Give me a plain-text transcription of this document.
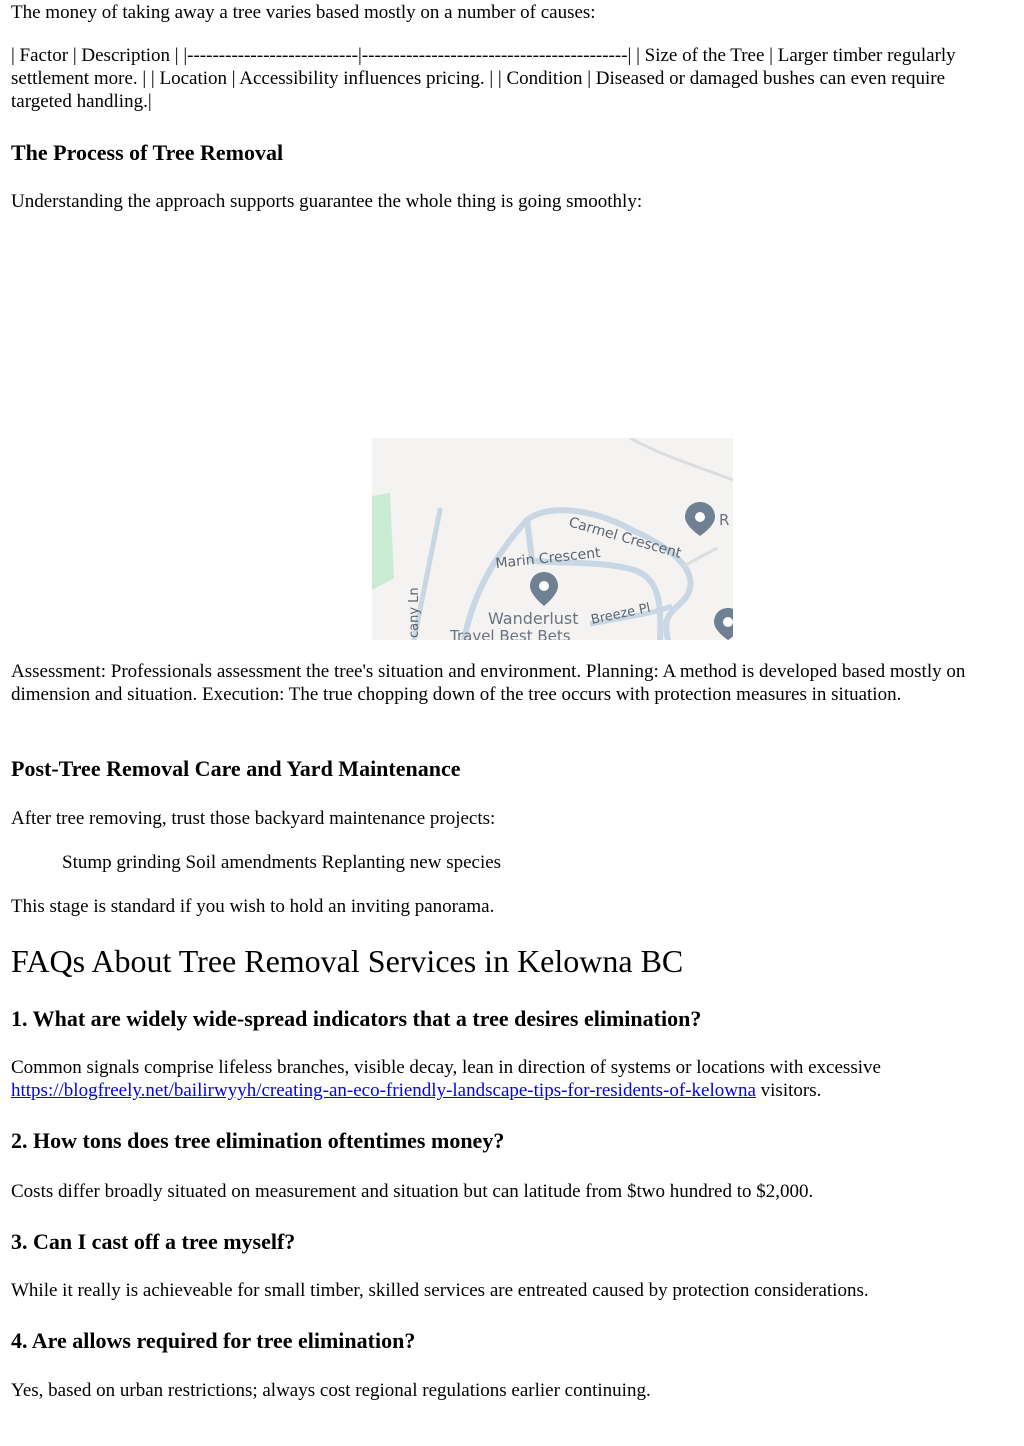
The money of taking away a tree varies based mostly on a number of causes:

| Factor | Description | |---------------------------|------------------------------------------| | Size of the Tree | Larger timber regularly settlement more. | | Location | Accessibility influences pricing. | | Condition | Diseased or damaged bushes can even require targeted handling.|

The Process of Tree Removal

Understanding the approach supports guarantee the whole thing is going smoothly:

Carmel Crescent
Marin Crescent
Wanderlust
Travel Best Bets
Breeze Pl
cany Ln
R

Assessment: Professionals assessment the tree's situation and environment. Planning: A method is developed based mostly on dimension and situation. Execution: The true chopping down of the tree occurs with protection measures in situation.

Post-Tree Removal Care and Yard Maintenance

After tree removing, trust those backyard maintenance projects:

Stump grinding Soil amendments Replanting new species

This stage is standard if you wish to hold an inviting panorama.

FAQs About Tree Removal Services in Kelowna BC
1. What are widely wide-spread indicators that a tree desires elimination?

Common signals comprise lifeless branches, visible decay, lean in direction of systems or locations with excessive https://blogfreely.net/bailirwyyh/creating-an-eco-friendly-landscape-tips-for-residents-of-kelowna visitors.

2. How tons does tree elimination oftentimes money?

Costs differ broadly situated on measurement and situation but can latitude from $two hundred to $2,000.

3. Can I cast off a tree myself?

While it really is achieveable for small timber, skilled services are entreated caused by protection considerations.

4. Are allows required for tree elimination?

Yes, based on urban restrictions; always cost regional regulations earlier continuing.
